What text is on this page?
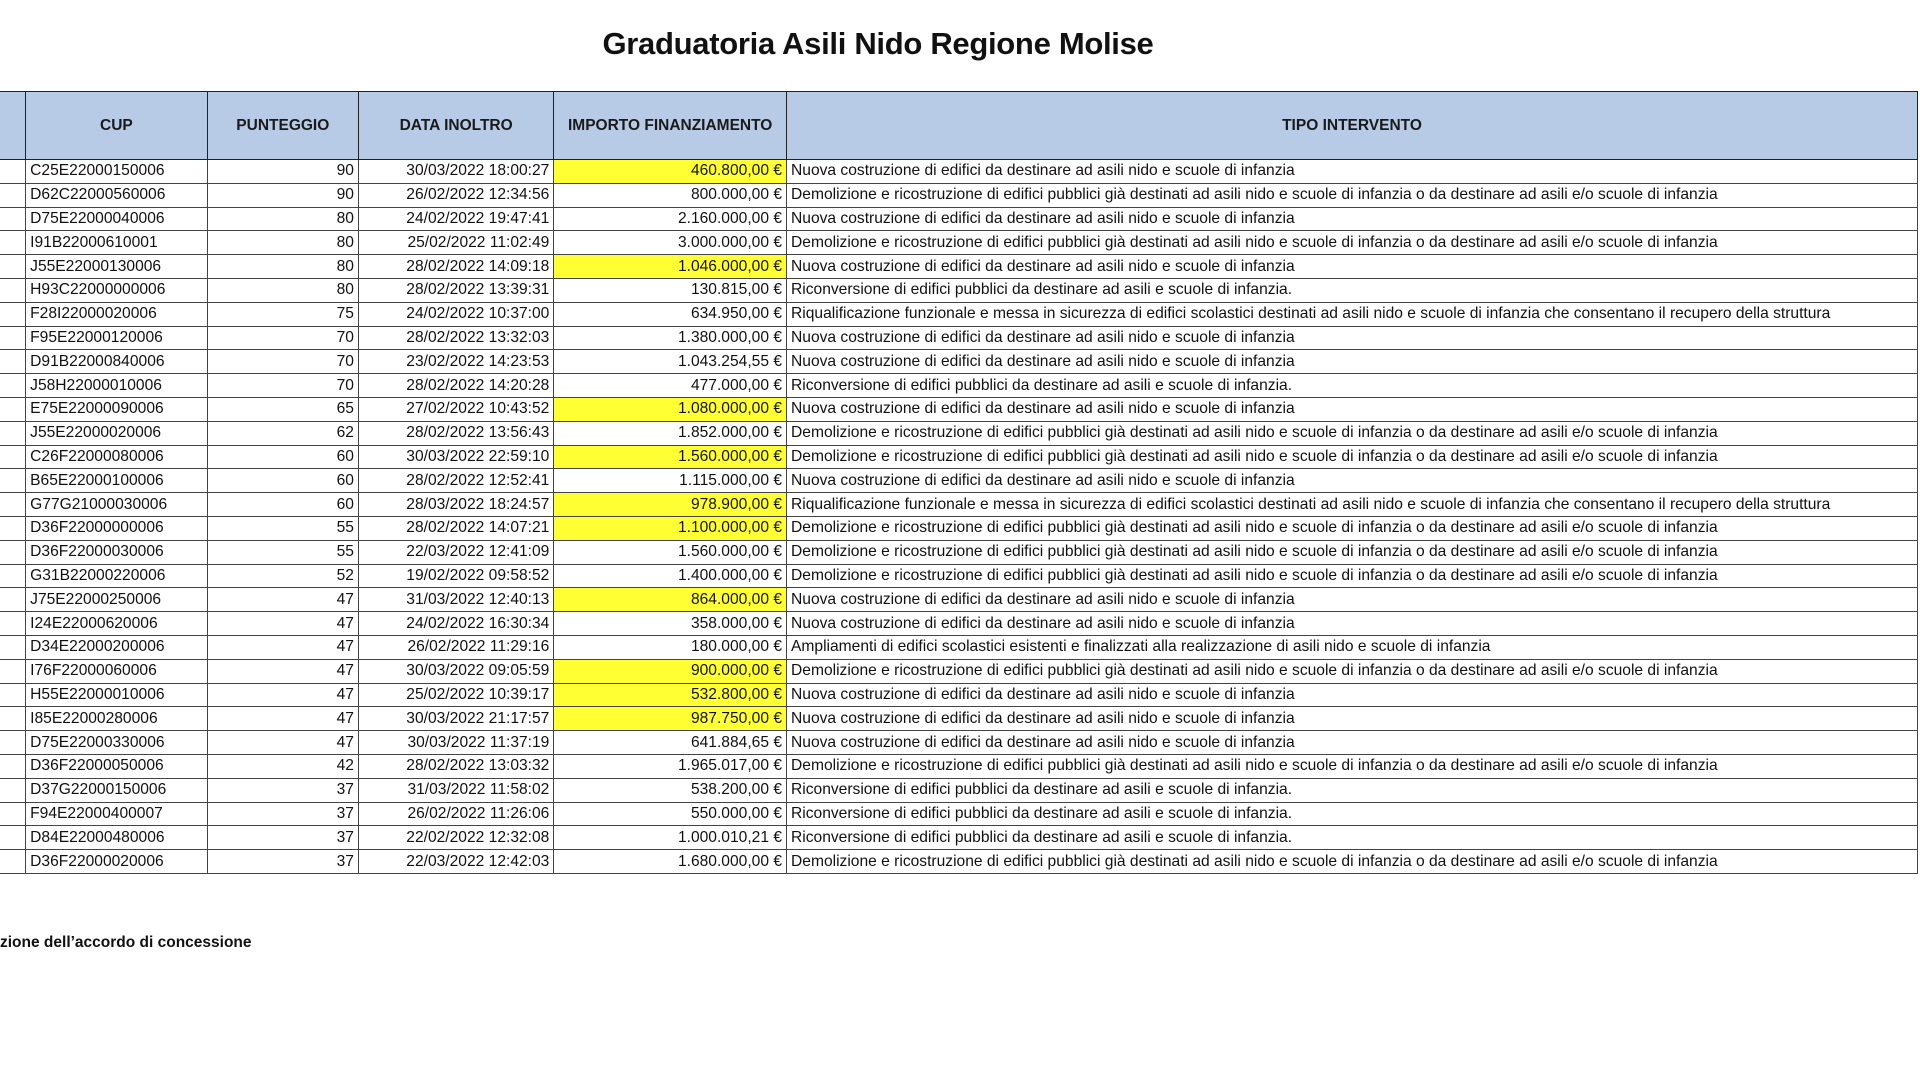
Graduatoria Asili Nido Regione Molise
	CUP	PUNTEGGIO	DATA INOLTRO	IMPORTO FINANZIAMENTO	TIPO INTERVENTO
	C25E22000150006	90	30/03/2022 18:00:27	460.800,00 €	Nuova costruzione di edifici da destinare ad asili nido e scuole di infanzia
	D62C22000560006	90	26/02/2022 12:34:56	800.000,00 €	Demolizione e ricostruzione di edifici pubblici già destinati ad asili nido e scuole di infanzia o da destinare ad asili e/o scuole di infanzia
	D75E22000040006	80	24/02/2022 19:47:41	2.160.000,00 €	Nuova costruzione di edifici da destinare ad asili nido e scuole di infanzia
	I91B22000610001	80	25/02/2022 11:02:49	3.000.000,00 €	Demolizione e ricostruzione di edifici pubblici già destinati ad asili nido e scuole di infanzia o da destinare ad asili e/o scuole di infanzia
	J55E22000130006	80	28/02/2022 14:09:18	1.046.000,00 €	Nuova costruzione di edifici da destinare ad asili nido e scuole di infanzia
	H93C22000000006	80	28/02/2022 13:39:31	130.815,00 €	Riconversione di edifici pubblici da destinare ad asili e scuole di infanzia.
	F28I22000020006	75	24/02/2022 10:37:00	634.950,00 €	Riqualificazione funzionale e messa in sicurezza di edifici scolastici destinati ad asili nido e scuole di infanzia che consentano il recupero della struttura
	F95E22000120006	70	28/02/2022 13:32:03	1.380.000,00 €	Nuova costruzione di edifici da destinare ad asili nido e scuole di infanzia
	D91B22000840006	70	23/02/2022 14:23:53	1.043.254,55 €	Nuova costruzione di edifici da destinare ad asili nido e scuole di infanzia
	J58H22000010006	70	28/02/2022 14:20:28	477.000,00 €	Riconversione di edifici pubblici da destinare ad asili e scuole di infanzia.
	E75E22000090006	65	27/02/2022 10:43:52	1.080.000,00 €	Nuova costruzione di edifici da destinare ad asili nido e scuole di infanzia
	J55E22000020006	62	28/02/2022 13:56:43	1.852.000,00 €	Demolizione e ricostruzione di edifici pubblici già destinati ad asili nido e scuole di infanzia o da destinare ad asili e/o scuole di infanzia
	C26F22000080006	60	30/03/2022 22:59:10	1.560.000,00 €	Demolizione e ricostruzione di edifici pubblici già destinati ad asili nido e scuole di infanzia o da destinare ad asili e/o scuole di infanzia
	B65E22000100006	60	28/02/2022 12:52:41	1.115.000,00 €	Nuova costruzione di edifici da destinare ad asili nido e scuole di infanzia
	G77G21000030006	60	28/03/2022 18:24:57	978.900,00 €	Riqualificazione funzionale e messa in sicurezza di edifici scolastici destinati ad asili nido e scuole di infanzia che consentano il recupero della struttura
	D36F22000000006	55	28/02/2022 14:07:21	1.100.000,00 €	Demolizione e ricostruzione di edifici pubblici già destinati ad asili nido e scuole di infanzia o da destinare ad asili e/o scuole di infanzia
	D36F22000030006	55	22/03/2022 12:41:09	1.560.000,00 €	Demolizione e ricostruzione di edifici pubblici già destinati ad asili nido e scuole di infanzia o da destinare ad asili e/o scuole di infanzia
	G31B22000220006	52	19/02/2022 09:58:52	1.400.000,00 €	Demolizione e ricostruzione di edifici pubblici già destinati ad asili nido e scuole di infanzia o da destinare ad asili e/o scuole di infanzia
	J75E22000250006	47	31/03/2022 12:40:13	864.000,00 €	Nuova costruzione di edifici da destinare ad asili nido e scuole di infanzia
	I24E22000620006	47	24/02/2022 16:30:34	358.000,00 €	Nuova costruzione di edifici da destinare ad asili nido e scuole di infanzia
	D34E22000200006	47	26/02/2022 11:29:16	180.000,00 €	Ampliamenti di edifici scolastici esistenti e finalizzati alla realizzazione di asili nido e scuole di infanzia
	I76F22000060006	47	30/03/2022 09:05:59	900.000,00 €	Demolizione e ricostruzione di edifici pubblici già destinati ad asili nido e scuole di infanzia o da destinare ad asili e/o scuole di infanzia
	H55E22000010006	47	25/02/2022 10:39:17	532.800,00 €	Nuova costruzione di edifici da destinare ad asili nido e scuole di infanzia
	I85E22000280006	47	30/03/2022 21:17:57	987.750,00 €	Nuova costruzione di edifici da destinare ad asili nido e scuole di infanzia
	D75E22000330006	47	30/03/2022 11:37:19	641.884,65 €	Nuova costruzione di edifici da destinare ad asili nido e scuole di infanzia
	D36F22000050006	42	28/02/2022 13:03:32	1.965.017,00 €	Demolizione e ricostruzione di edifici pubblici già destinati ad asili nido e scuole di infanzia o da destinare ad asili e/o scuole di infanzia
	D37G22000150006	37	31/03/2022 11:58:02	538.200,00 €	Riconversione di edifici pubblici da destinare ad asili e scuole di infanzia.
	F94E22000400007	37	26/02/2022 11:26:06	550.000,00 €	Riconversione di edifici pubblici da destinare ad asili e scuole di infanzia.
	D84E22000480006	37	22/02/2022 12:32:08	1.000.010,21 €	Riconversione di edifici pubblici da destinare ad asili e scuole di infanzia.
	D36F22000020006	37	22/03/2022 12:42:03	1.680.000,00 €	Demolizione e ricostruzione di edifici pubblici già destinati ad asili nido e scuole di infanzia o da destinare ad asili e/o scuole di infanzia
zione dell’accordo di concessione
